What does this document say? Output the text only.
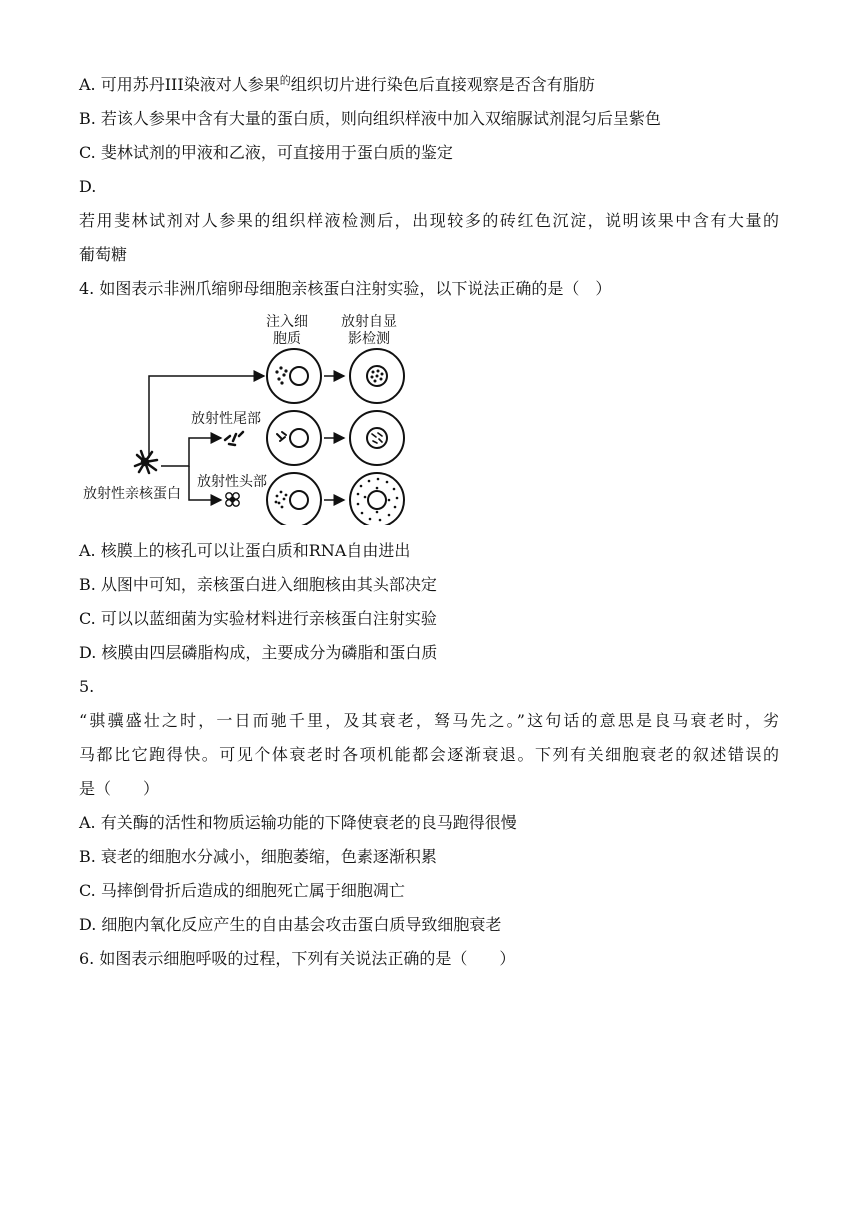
A. 可用苏丹III染液对人参果$^的$组织切片进行染色后直接观察是否含有脂肪
B. 若该人参果中含有大量的蛋白质，则向组织样液中加入双缩脲试剂混匀后呈紫色
C. 斐林试剂的甲液和乙液，可直接用于蛋白质的鉴定
D.
若用斐林试剂对人参果的组织样液检测后，出现较多的砖红色沉淀，说明该果中含有大量的
葡萄糖
4. 如图表示非洲爪缩卵母细胞亲核蛋白注射实验，以下说法正确的是（　）
注入细
胞质
放射自显
影检测
放射性亲核蛋白
放射性尾部
放射性头部
A. 核膜上的核孔可以让蛋白质和RNA自由进出
B. 从图中可知，亲核蛋白进入细胞核由其头部决定
C. 可以以蓝细菌为实验材料进行亲核蛋白注射实验
D. 核膜由四层磷脂构成，主要成分为磷脂和蛋白质
5.
“骐骥盛壮之时，一日而驰千里，及其衰老，驽马先之。”这句话的意思是良马衰老时，劣
马都比它跑得快。可见个体衰老时各项机能都会逐渐衰退。下列有关细胞衰老的叙述错误的
是（　　）
A. 有关酶的活性和物质运输功能的下降使衰老的良马跑得很慢
B. 衰老的细胞水分减小，细胞萎缩，色素逐渐积累
C. 马摔倒骨折后造成的细胞死亡属于细胞凋亡
D. 细胞内氧化反应产生的自由基会攻击蛋白质导致细胞衰老
6. 如图表示细胞呼吸的过程，下列有关说法正确的是（　　）
